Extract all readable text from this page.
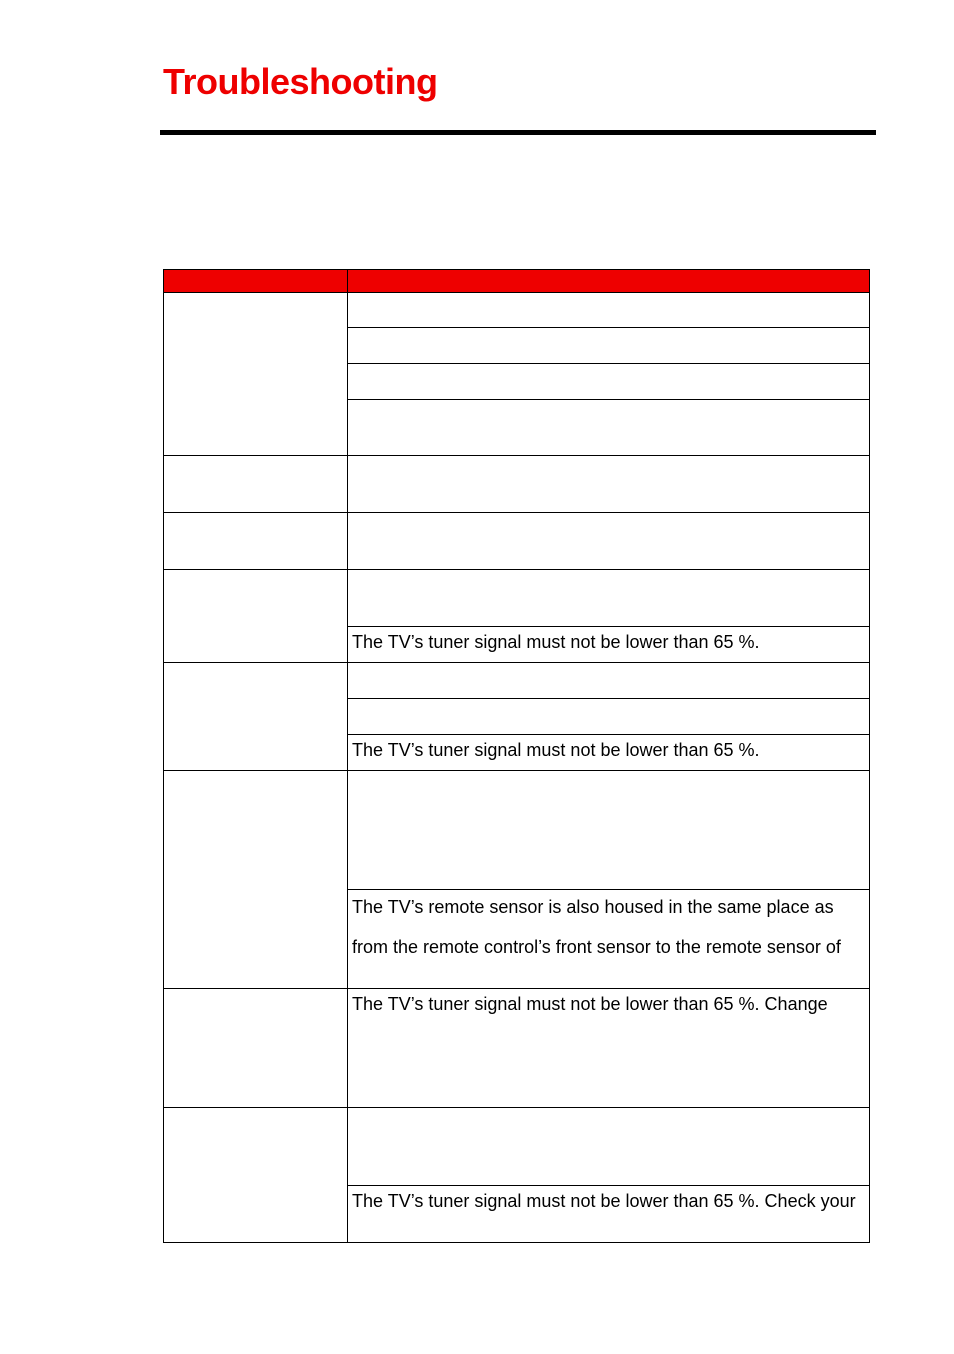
Troubleshooting

	The TV’s tuner signal must not be lower than 65 %.

	The TV’s tuner signal must not be lower than 65 %.

	The TV’s remote sensor is also housed in the same place as
from the remote control’s front sensor to the remote sensor of

	The TV’s tuner signal must not be lower than 65 %. Change

	The TV’s tuner signal must not be lower than 65 %. Check your
